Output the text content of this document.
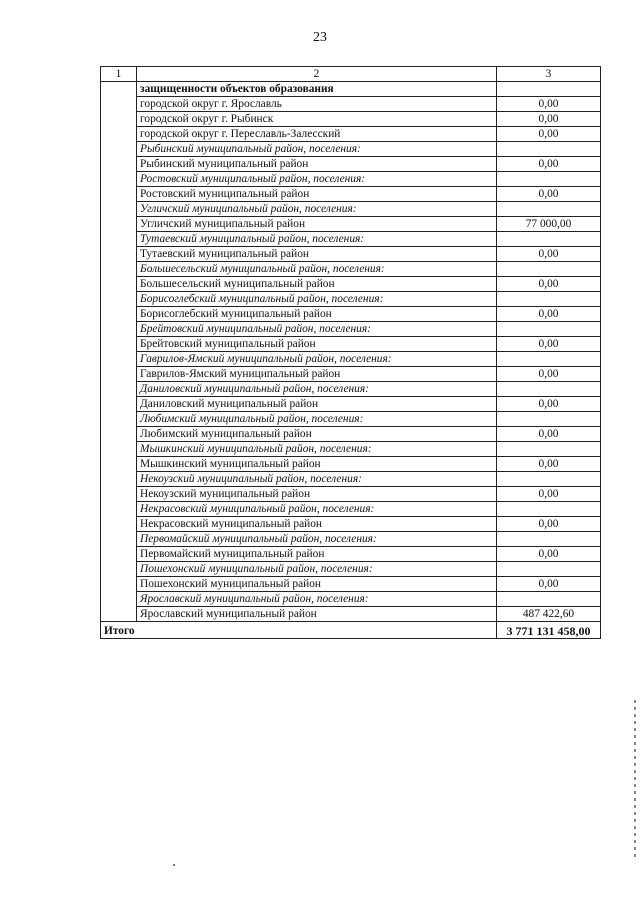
23
1	2	3
	защищенности объектов образования	
	городской округ г. Ярославль	0,00
	городской округ г. Рыбинск	0,00
	городской округ г. Переславль-Залесский	0,00
	Рыбинский муниципальный район, поселения:	
	Рыбинский муниципальный район	0,00
	Ростовский муниципальный район, поселения:	
	Ростовский муниципальный район	0,00
	Угличский муниципальный район, поселения:	
	Угличский муниципальный район	77 000,00
	Тутаевский муниципальный район, поселения:	
	Тутаевский муниципальный район	0,00
	Большесельский муниципальный район, поселения:	
	Большесельский муниципальный район	0,00
	Борисоглебский муниципальный район, поселения:	
	Борисоглебский муниципальный район	0,00
	Брейтовский муниципальный район, поселения:	
	Брейтовский муниципальный район	0,00
	Гаврилов-Ямский муниципальный район, поселения:	
	Гаврилов-Ямский муниципальный район	0,00
	Даниловский муниципальный район, поселения:	
	Даниловский муниципальный район	0,00
	Любимский муниципальный район, поселения:	
	Любимский муниципальный район	0,00
	Мышкинский муниципальный район, поселения:	
	Мышкинский муниципальный район	0,00
	Некоузский муниципальный район, поселения:	
	Некоузский муниципальный район	0,00
	Некрасовский муниципальный район, поселения:	
	Некрасовский муниципальный район	0,00
	Первомайский муниципальный район, поселения:	
	Первомайский муниципальный район	0,00
	Пошехонский муниципальный район, поселения:	
	Пошехонский муниципальный район	0,00
	Ярославский муниципальный район, поселения:	
	Ярославский муниципальный район	487 422,60
Итого		3 771 131 458,00
